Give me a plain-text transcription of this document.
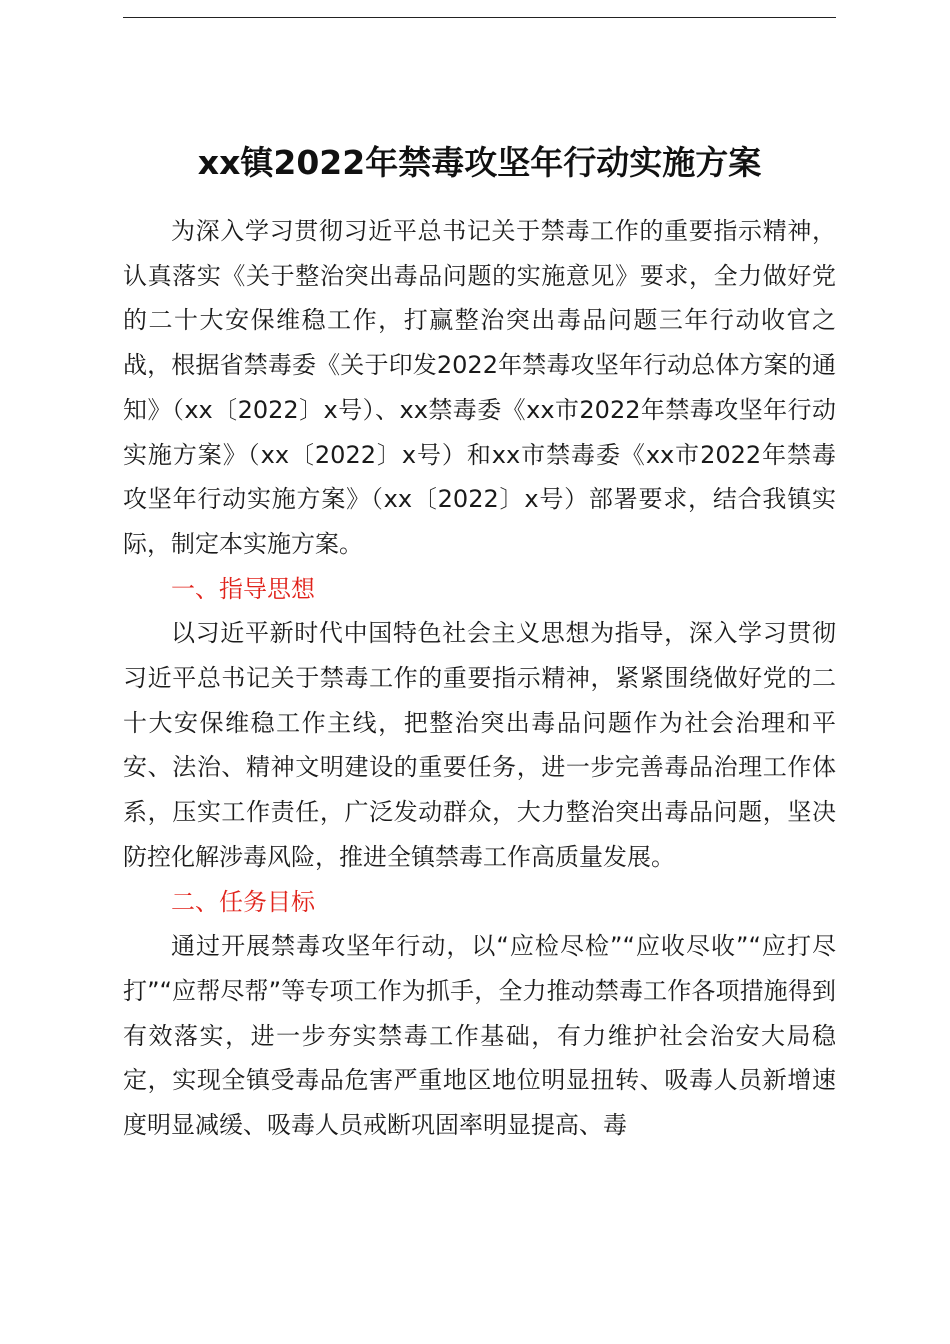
xx镇2022年禁毒攻坚年行动实施方案

为深入学习贯彻习近平总书记关于禁毒工作的重要指示精神，认真落实《关于整治突出毒品问题的实施意见》要求，全力做好党的二十大安保维稳工作，打赢整治突出毒品问题三年行动收官之战，根据省禁毒委《关于印发2022年禁毒攻坚年行动总体方案的通知》（xx〔2022〕x号）、xx禁毒委《xx市2022年禁毒攻坚年行动实施方案》（xx〔2022〕x号）和xx市禁毒委《xx市2022年禁毒攻坚年行动实施方案》（xx〔2022〕x号）部署要求，结合我镇实际，制定本实施方案。

一、指导思想

以习近平新时代中国特色社会主义思想为指导，深入学习贯彻习近平总书记关于禁毒工作的重要指示精神，紧紧围绕做好党的二十大安保维稳工作主线，把整治突出毒品问题作为社会治理和平安、法治、精神文明建设的重要任务，进一步完善毒品治理工作体系，压实工作责任，广泛发动群众，大力整治突出毒品问题，坚决防控化解涉毒风险，推进全镇禁毒工作高质量发展。

二、任务目标

通过开展禁毒攻坚年行动，以“应检尽检”“应收尽收”“应打尽打”“应帮尽帮”等专项工作为抓手，全力推动禁毒工作各项措施得到有效落实，进一步夯实禁毒工作基础，有力维护社会治安大局稳定，实现全镇受毒品危害严重地区地位明显扭转、吸毒人员新增速度明显减缓、吸毒人员戒断巩固率明显提高、毒
